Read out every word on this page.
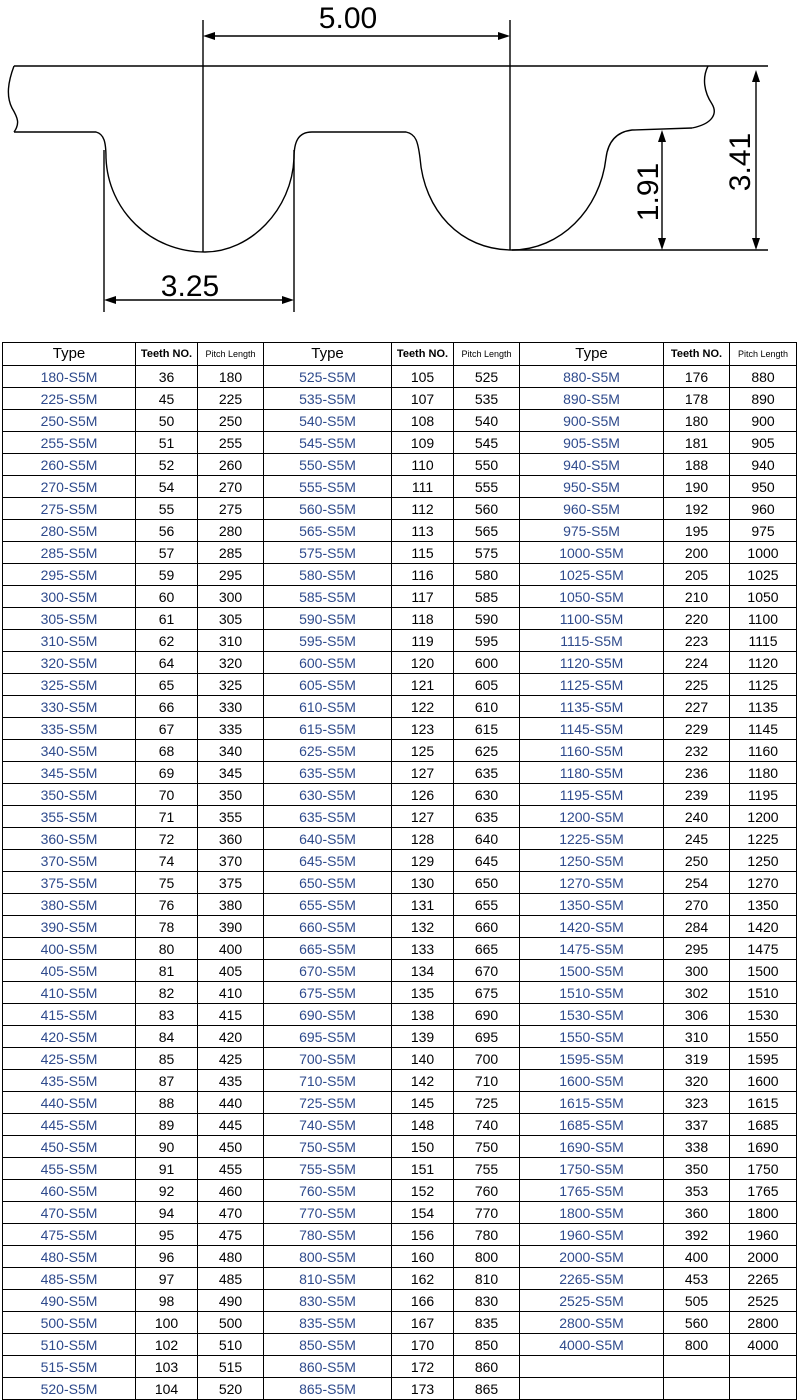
5.00
3.25
1.91
3.41
Type	Teeth NO.	Pitch Length	Type	Teeth NO.	Pitch Length	Type	Teeth NO.	Pitch Length
180-S5M	36	180	525-S5M	105	525	880-S5M	176	880
225-S5M	45	225	535-S5M	107	535	890-S5M	178	890
250-S5M	50	250	540-S5M	108	540	900-S5M	180	900
255-S5M	51	255	545-S5M	109	545	905-S5M	181	905
260-S5M	52	260	550-S5M	110	550	940-S5M	188	940
270-S5M	54	270	555-S5M	111	555	950-S5M	190	950
275-S5M	55	275	560-S5M	112	560	960-S5M	192	960
280-S5M	56	280	565-S5M	113	565	975-S5M	195	975
285-S5M	57	285	575-S5M	115	575	1000-S5M	200	1000
295-S5M	59	295	580-S5M	116	580	1025-S5M	205	1025
300-S5M	60	300	585-S5M	117	585	1050-S5M	210	1050
305-S5M	61	305	590-S5M	118	590	1100-S5M	220	1100
310-S5M	62	310	595-S5M	119	595	1115-S5M	223	1115
320-S5M	64	320	600-S5M	120	600	1120-S5M	224	1120
325-S5M	65	325	605-S5M	121	605	1125-S5M	225	1125
330-S5M	66	330	610-S5M	122	610	1135-S5M	227	1135
335-S5M	67	335	615-S5M	123	615	1145-S5M	229	1145
340-S5M	68	340	625-S5M	125	625	1160-S5M	232	1160
345-S5M	69	345	635-S5M	127	635	1180-S5M	236	1180
350-S5M	70	350	630-S5M	126	630	1195-S5M	239	1195
355-S5M	71	355	635-S5M	127	635	1200-S5M	240	1200
360-S5M	72	360	640-S5M	128	640	1225-S5M	245	1225
370-S5M	74	370	645-S5M	129	645	1250-S5M	250	1250
375-S5M	75	375	650-S5M	130	650	1270-S5M	254	1270
380-S5M	76	380	655-S5M	131	655	1350-S5M	270	1350
390-S5M	78	390	660-S5M	132	660	1420-S5M	284	1420
400-S5M	80	400	665-S5M	133	665	1475-S5M	295	1475
405-S5M	81	405	670-S5M	134	670	1500-S5M	300	1500
410-S5M	82	410	675-S5M	135	675	1510-S5M	302	1510
415-S5M	83	415	690-S5M	138	690	1530-S5M	306	1530
420-S5M	84	420	695-S5M	139	695	1550-S5M	310	1550
425-S5M	85	425	700-S5M	140	700	1595-S5M	319	1595
435-S5M	87	435	710-S5M	142	710	1600-S5M	320	1600
440-S5M	88	440	725-S5M	145	725	1615-S5M	323	1615
445-S5M	89	445	740-S5M	148	740	1685-S5M	337	1685
450-S5M	90	450	750-S5M	150	750	1690-S5M	338	1690
455-S5M	91	455	755-S5M	151	755	1750-S5M	350	1750
460-S5M	92	460	760-S5M	152	760	1765-S5M	353	1765
470-S5M	94	470	770-S5M	154	770	1800-S5M	360	1800
475-S5M	95	475	780-S5M	156	780	1960-S5M	392	1960
480-S5M	96	480	800-S5M	160	800	2000-S5M	400	2000
485-S5M	97	485	810-S5M	162	810	2265-S5M	453	2265
490-S5M	98	490	830-S5M	166	830	2525-S5M	505	2525
500-S5M	100	500	835-S5M	167	835	2800-S5M	560	2800
510-S5M	102	510	850-S5M	170	850	4000-S5M	800	4000
515-S5M	103	515	860-S5M	172	860			
520-S5M	104	520	865-S5M	173	865			
